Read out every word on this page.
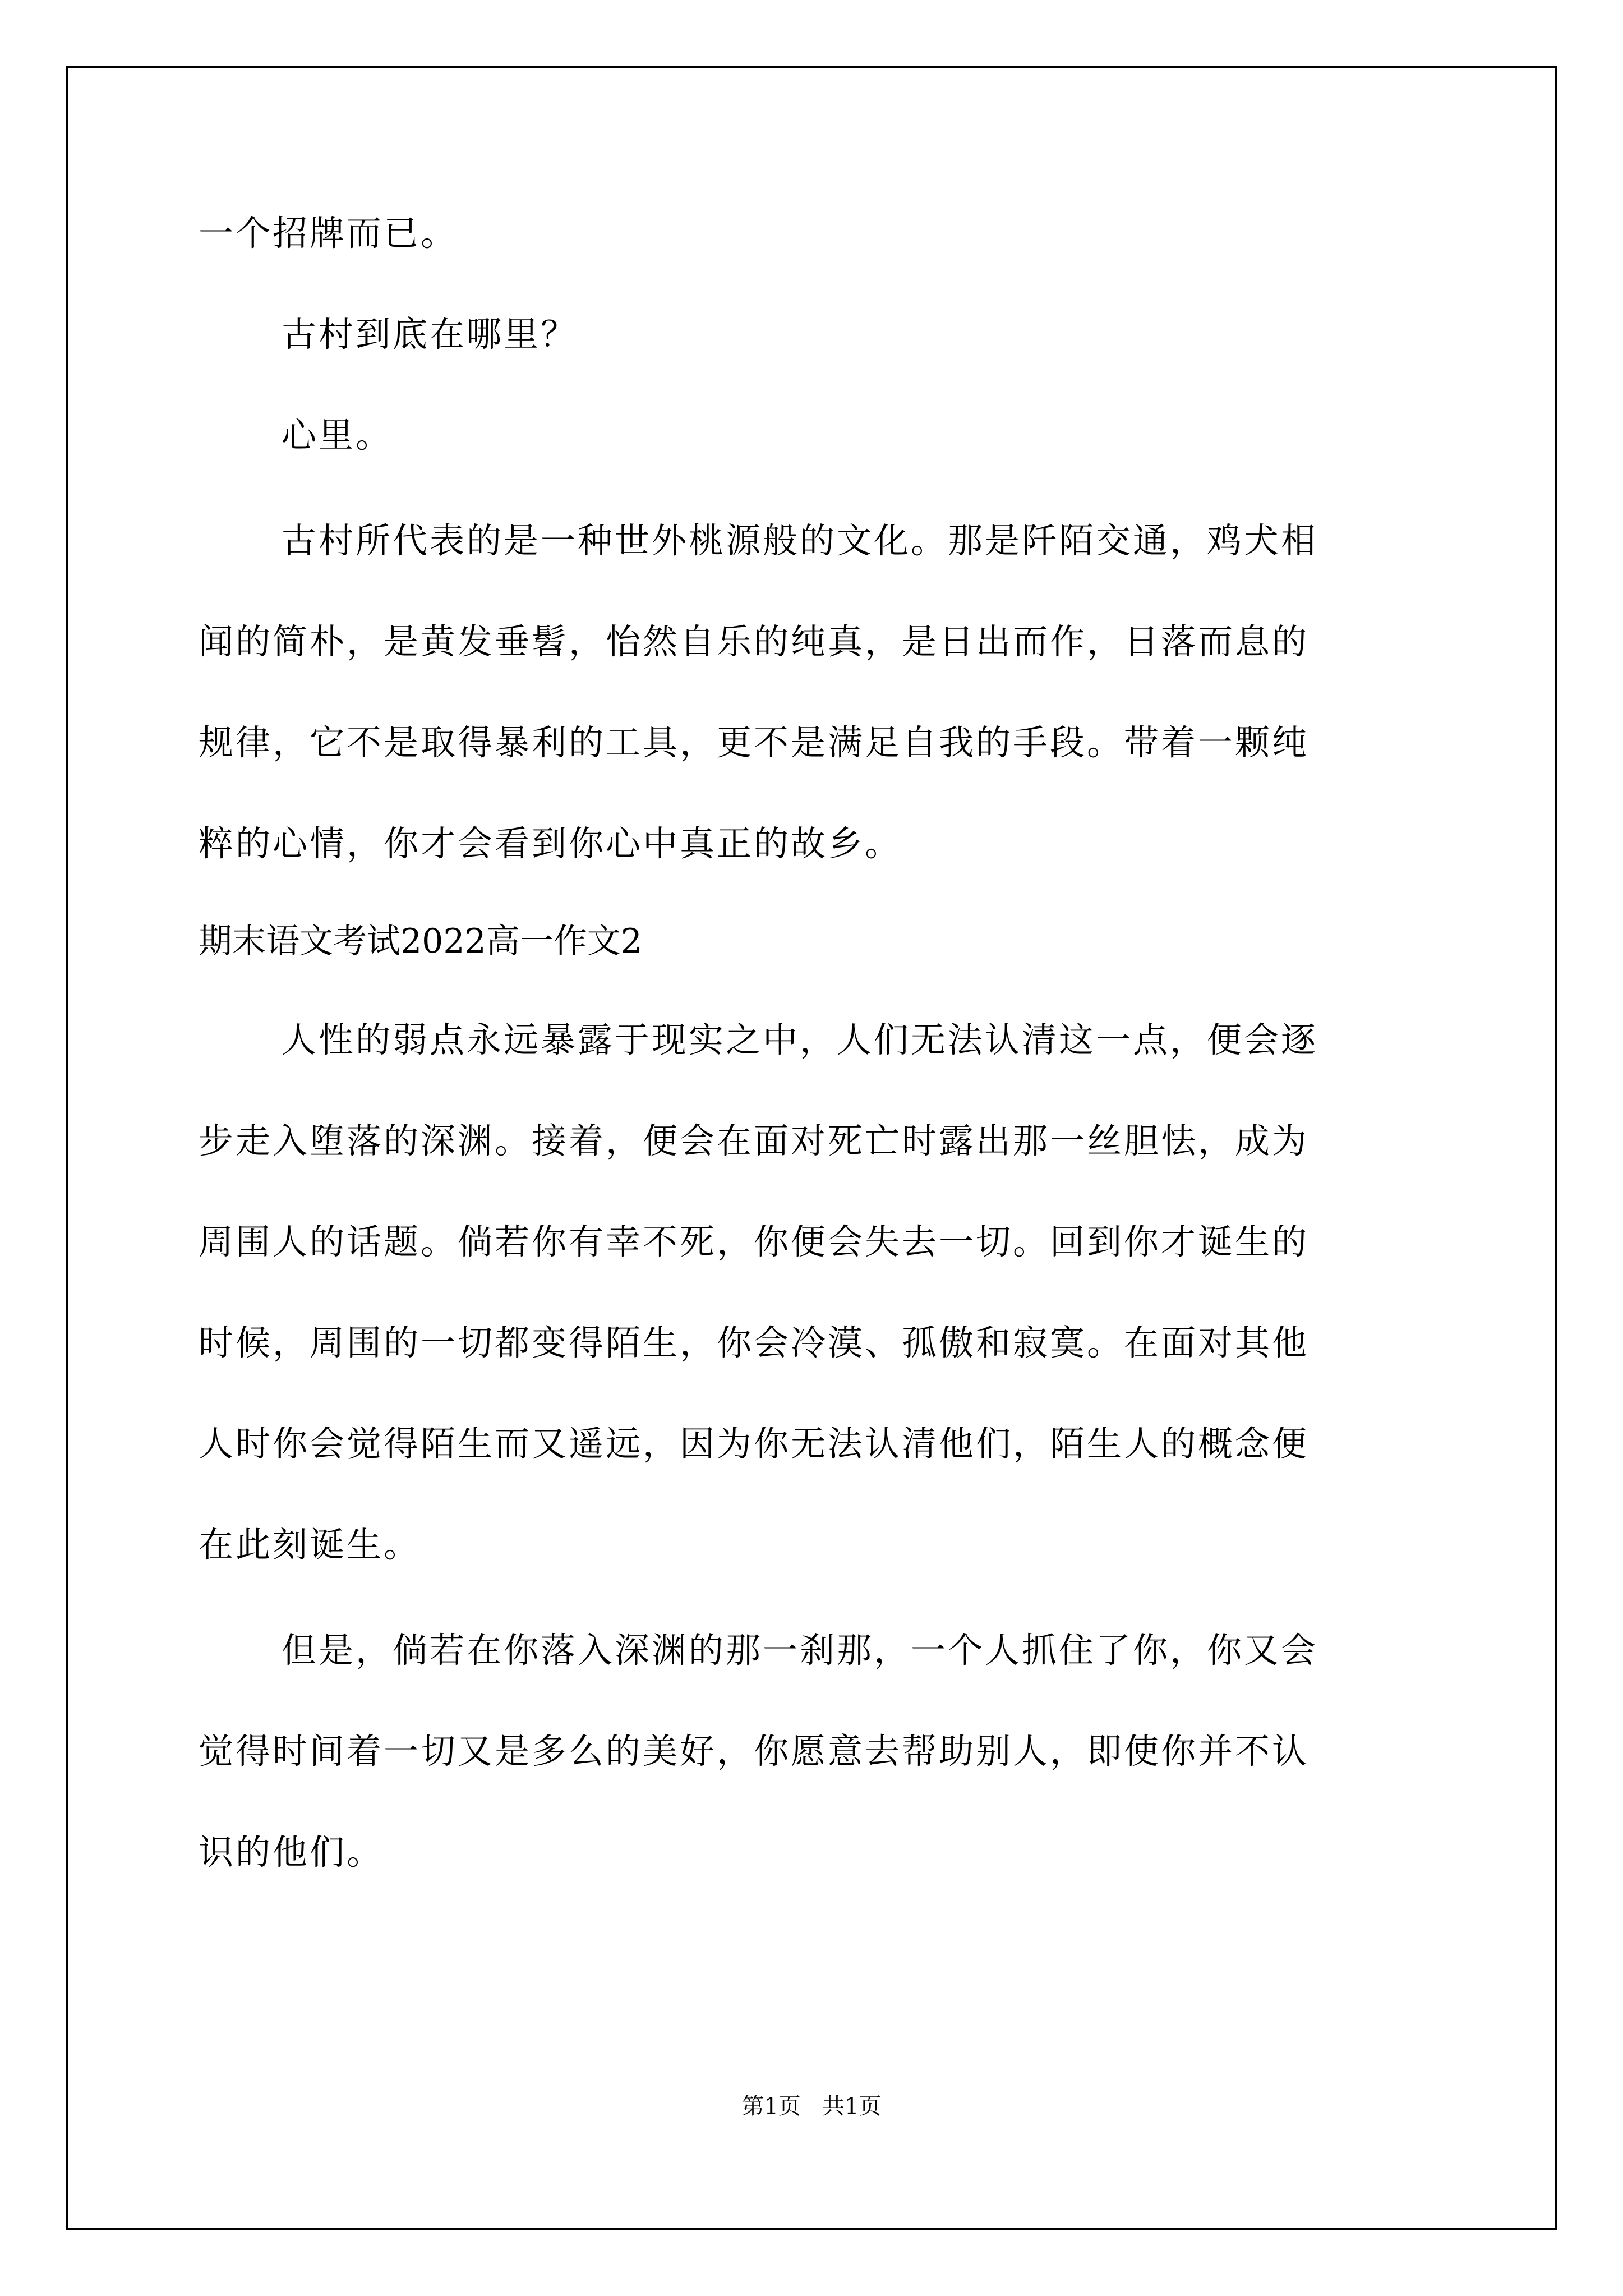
一个招牌而已。
古村到底在哪里？
心里。
古村所代表的是一种世外桃源般的文化。那是阡陌交通，鸡犬相
闻的简朴，是黄发垂髫，怡然自乐的纯真，是日出而作，日落而息的
规律，它不是取得暴利的工具，更不是满足自我的手段。带着一颗纯
粹的心情，你才会看到你心中真正的故乡。
期末语文考试2022高一作文2
人性的弱点永远暴露于现实之中，人们无法认清这一点，便会逐
步走入堕落的深渊。接着，便会在面对死亡时露出那一丝胆怯，成为
周围人的话题。倘若你有幸不死，你便会失去一切。回到你才诞生的
时候，周围的一切都变得陌生，你会冷漠、孤傲和寂寞。在面对其他
人时你会觉得陌生而又遥远，因为你无法认清他们，陌生人的概念便
在此刻诞生。
但是，倘若在你落入深渊的那一刹那，一个人抓住了你，你又会
觉得时间着一切又是多么的美好，你愿意去帮助别人，即使你并不认
识的他们。
第1页   共1页
